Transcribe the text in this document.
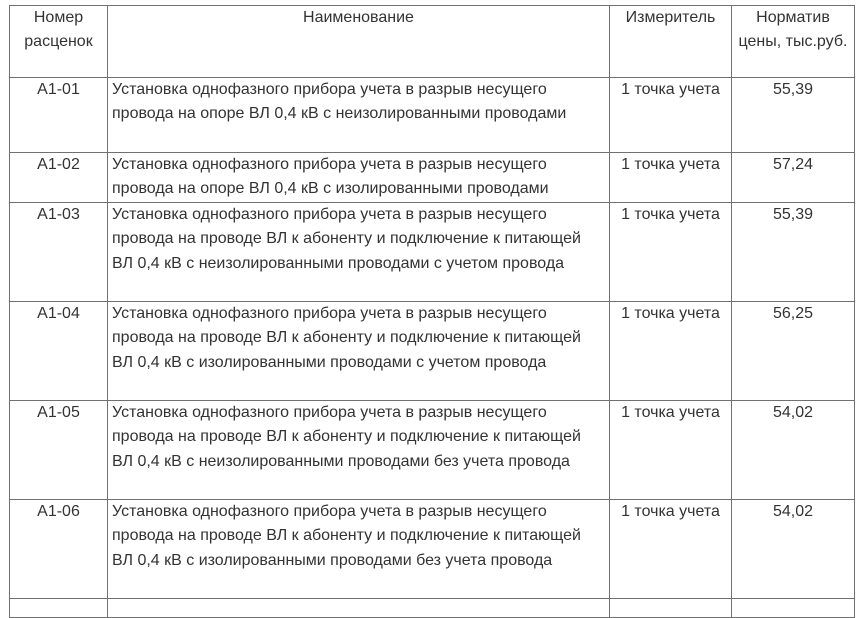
Номер расценок	Наименование	Измеритель	Норматив цены, тыс.руб.

А1-01	Установка однофазного прибора учета в разрыв несущего провода на опоре ВЛ 0,4 кВ с неизолированными проводами	1 точка учета	55,39

А1-02	Установка однофазного прибора учета в разрыв несущего провода на опоре ВЛ 0,4 кВ с изолированными проводами	1 точка учета	57,24

А1-03	Установка однофазного прибора учета в разрыв несущего провода на проводе ВЛ к абоненту и подключение к питающей ВЛ 0,4 кВ с неизолированными проводами с учетом провода	1 точка учета	55,39

А1-04	Установка однофазного прибора учета в разрыв несущего провода на проводе ВЛ к абоненту и подключение к питающей ВЛ 0,4 кВ с изолированными проводами с учетом провода	1 точка учета	56,25

А1-05	Установка однофазного прибора учета в разрыв несущего провода на проводе ВЛ к абоненту и подключение к питающей ВЛ 0,4 кВ с неизолированными проводами без учета провода	1 точка учета	54,02

А1-06	Установка однофазного прибора учета в разрыв несущего провода на проводе ВЛ к абоненту и подключение к питающей ВЛ 0,4 кВ с изолированными проводами без учета провода	1 точка учета	54,02
